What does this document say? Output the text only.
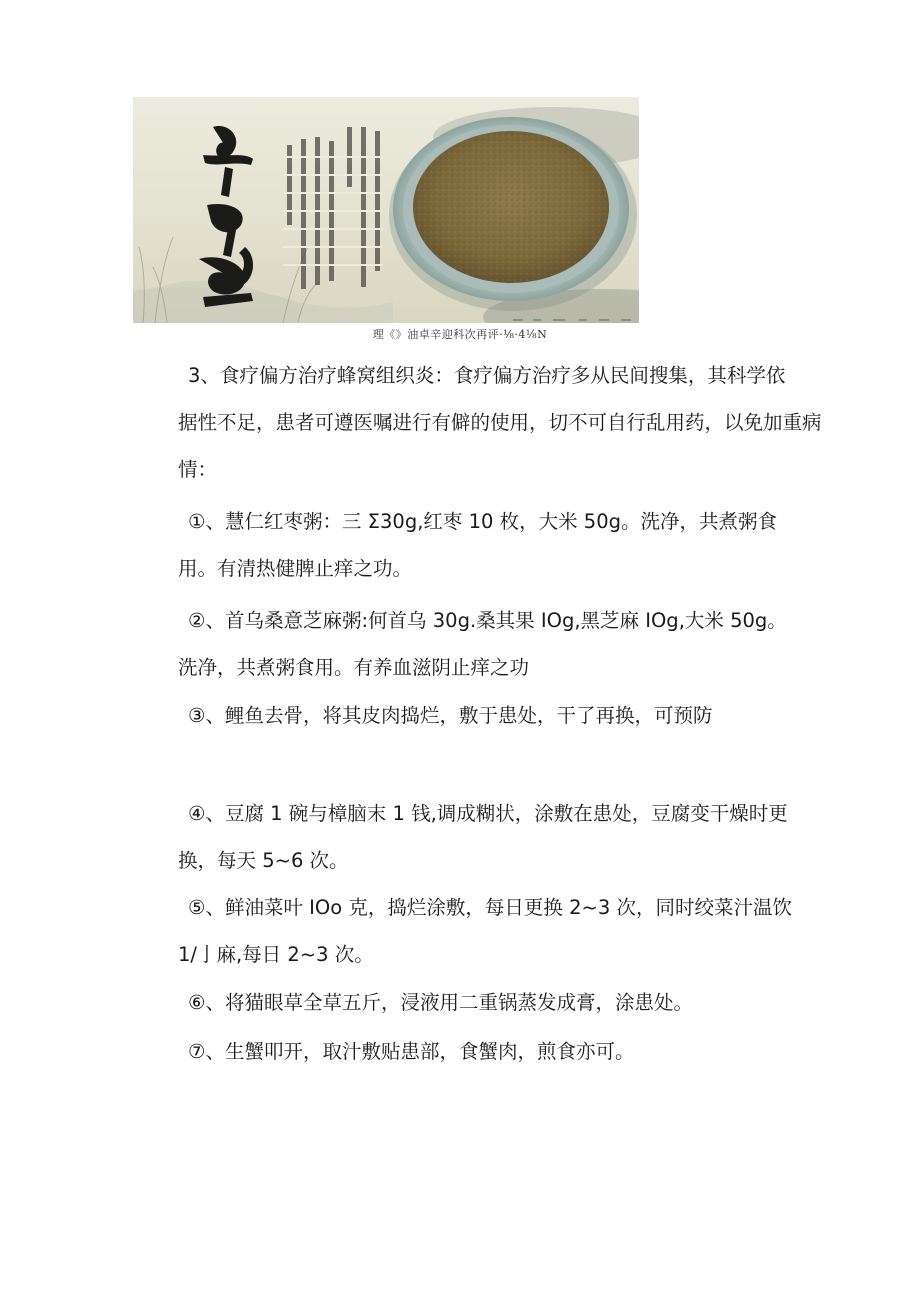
理《》油卓辛迎科次再评·⅛·4⅛N

3、食疗偏方治疗蜂窝组织炎：食疗偏方治疗多从民间搜集，其科学依
据性不足，患者可遵医嘱进行有僻的使用，切不可自行乱用药，以免加重病
情：

①、慧仁红枣粥：三 Σ30g,红枣 10 枚，大米 50g。洗净，共煮粥食
用。有清热健脾止痒之功。

②、首乌桑意芝麻粥:何首乌 30g.桑其果 IOg,黑芝麻 IOg,大米 50g。
洗净，共煮粥食用。有养血滋阴止痒之功

③、鲤鱼去骨，将其皮肉捣烂，敷于患处，干了再换，可预防

④、豆腐 1 碗与樟脑末 1 钱,调成糊状，涂敷在患处，豆腐变干燥时更
换，每天 5~6 次。

⑤、鲜油菜叶 IOo 克，捣烂涂敷，每日更换 2~3 次，同时绞菜汁温饮
1/亅麻,每日 2~3 次。

⑥、将猫眼草全草五斤，浸液用二重锅蒸发成膏，涂患处。

⑦、生蟹叩开，取汁敷贴患部，食蟹肉，煎食亦可。
